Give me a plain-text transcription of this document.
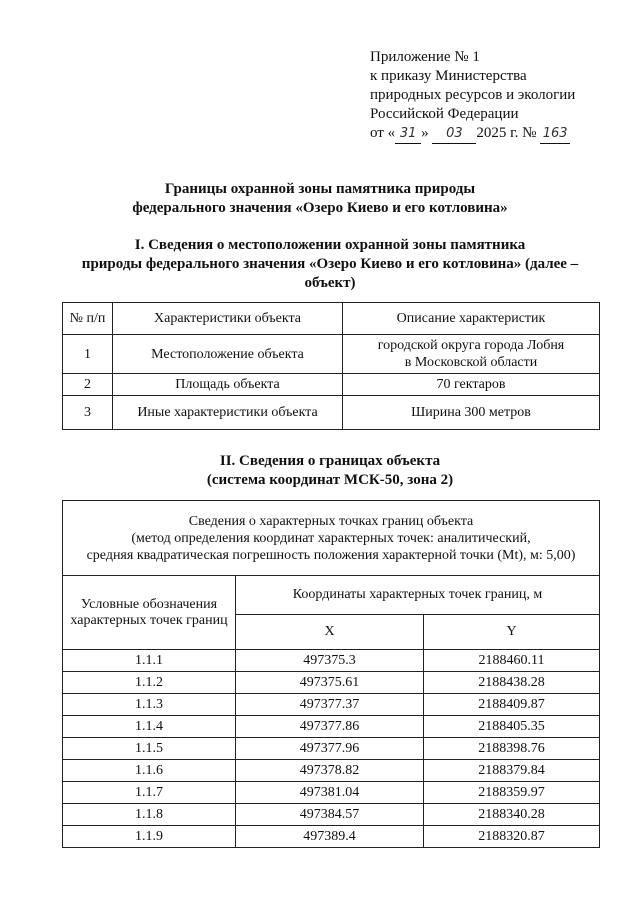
Приложение № 1
к приказу Министерства
природных ресурсов и экологии
Российской Федерации
от « 31 » 03 2025 г. № 163
Границы охранной зоны памятника природы
федерального значения «Озеро Киево и его котловина»
I. Сведения о местоположении охранной зоны памятника
природы федерального значения «Озеро Киево и его котловина» (далее –
объект)
№ п/п	Характеристики объекта	Описание характеристик
1	Местоположение объекта	городской округа города Лобня
в Московской области

2	Площадь объекта	70 гектаров
3	Иные характеристики объекта	Ширина 300 метров
II. Сведения о границах объекта
(система координат МСК-50, зона 2)
Сведения о характерных точках границ объекта
(метод определения координат характерных точек: аналитический,
средняя квадратическая погрешность положения характерной точки (Mt), м: 5,00)		

Условные обозначения
характерных точек границ	Координаты характерных точек границ, м	
	X	Y
1.1.1	497375.3	2188460.11
1.1.2	497375.61	2188438.28
1.1.3	497377.37	2188409.87
1.1.4	497377.86	2188405.35
1.1.5	497377.96	2188398.76
1.1.6	497378.82	2188379.84
1.1.7	497381.04	2188359.97
1.1.8	497384.57	2188340.28
1.1.9	497389.4	2188320.87
